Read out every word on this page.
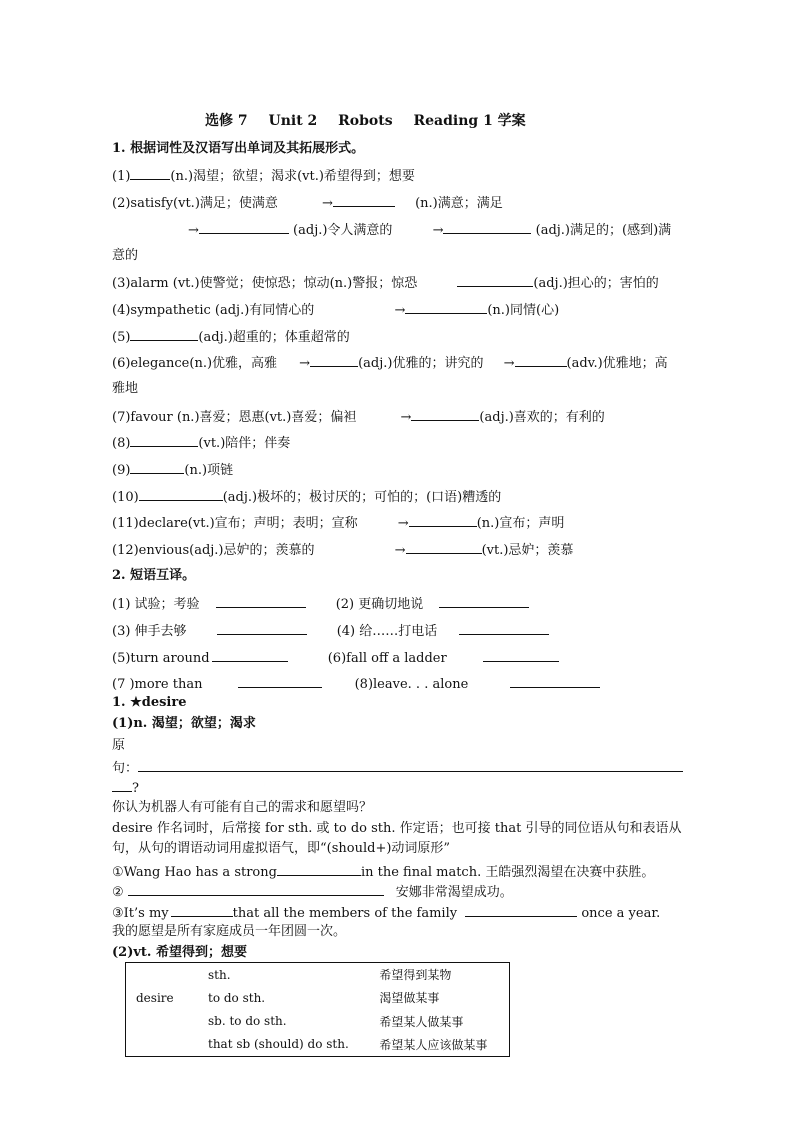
选修 7 Unit 2 Robots Reading 1 学案
1. 根据词性及汉语写出单词及其拓展形式。
(1)	(n.)渴望；欲望；渴求(vt.)希望得到；想要
(2)satisfy(vt.)满足；使满意	→	(n.)满意；满足
→	(adj.)令人满意的	→	(adj.)满足的；(感到)满
意的
(3)alarm (vt.)使警觉；使惊恐；惊动(n.)警报；惊恐	(adj.)担心的；害怕的
(4)sympathetic (adj.)有同情心的	→	(n.)同情(心)
(5)	(adj.)超重的；体重超常的
(6)elegance(n.)优雅，高雅 →	(adj.)优雅的；讲究的 →	(adv.)优雅地；高
雅地
(7)favour (n.)喜爱；恩惠(vt.)喜爱；偏袒	→	(adj.)喜欢的；有利的
(8)	(vt.)陪伴；伴奏
(9)	(n.)项链
(10)	(adj.)极坏的；极讨厌的；可怕的；(口语)糟透的
(11)declare(vt.)宣布；声明；表明；宣称	→	(n.)宣布；声明
(12)envious(adj.)忌妒的；羡慕的	→	(vt.)忌妒；羡慕
2. 短语互译。
(1) 试验；考验	(2) 更确切地说
(3) 伸手去够	(4) 给……打电话
(5)turn around	(6)fall off a ladder
(7 )more than	(8)leave. . . alone
1. ★desire
(1)n. 渴望；欲望；渴求
原
句：
?
你认为机器人有可能有自己的需求和愿望吗？
desire 作名词时，后常接 for sth. 或 to do sth. 作定语；也可接 that 引导的同位语从句和表语从
句，从句的谓语动词用虚拟语气，即“(should+)动词原形”
①Wang Hao has a strong	in the final match. 王皓强烈渴望在决赛中获胜。
②	安娜非常渴望成功。
③It’s my	that all the members of the family	once a year.
我的愿望是所有家庭成员一年团圆一次。
(2)vt. 希望得到；想要
	sth.	希望得到某物
desire	to do sth.	渴望做某事
	sb. to do sth.	希望某人做某事
	that sb (should) do sth.	希望某人应该做某事
